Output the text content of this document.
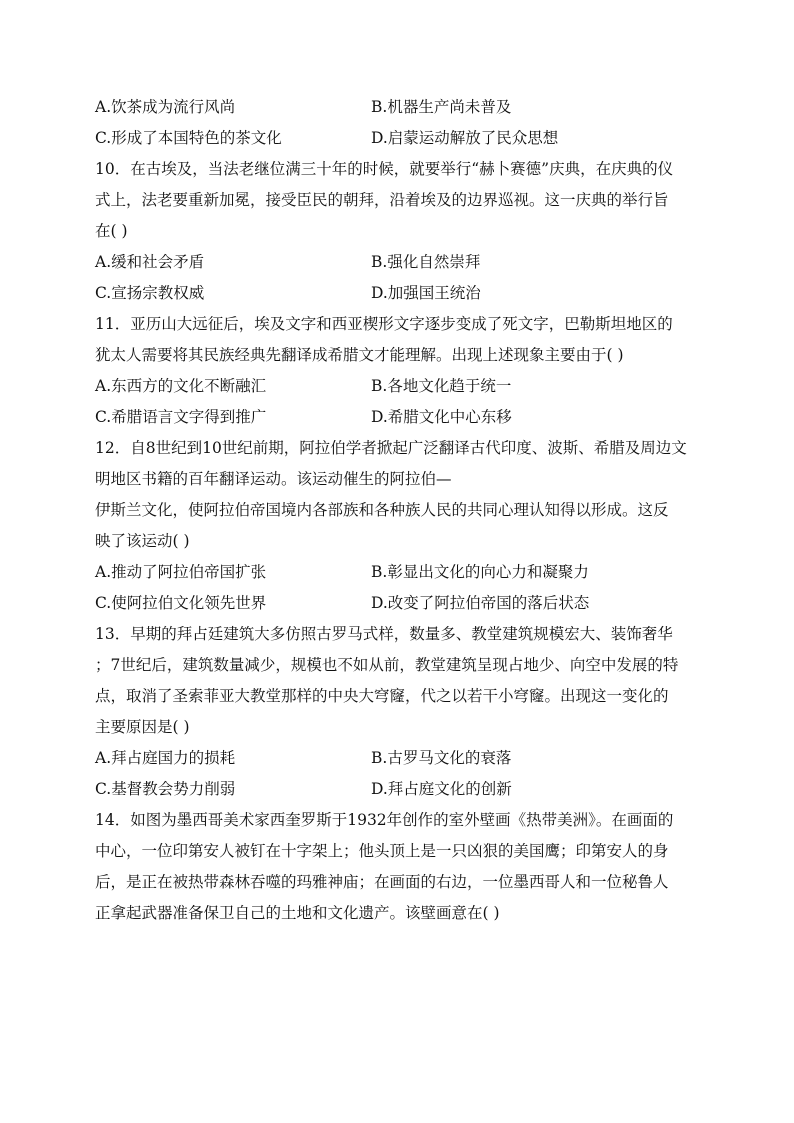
A.饮茶成为流行风尚	B.机器生产尚未普及
C.形成了本国特色的茶文化	D.启蒙运动解放了民众思想
10．在古埃及，当法老继位满三十年的时候，就要举行“赫卜赛德”庆典，在庆典的仪
式上，法老要重新加冕，接受臣民的朝拜，沿着埃及的边界巡视。这一庆典的举行旨
在( )
A.缓和社会矛盾	B.强化自然崇拜
C.宣扬宗教权威	D.加强国王统治
11．亚历山大远征后，埃及文字和西亚楔形文字逐步变成了死文字，巴勒斯坦地区的
犹太人需要将其民族经典先翻译成希腊文才能理解。出现上述现象主要由于( )
A.东西方的文化不断融汇	B.各地文化趋于统一
C.希腊语言文字得到推广	D.希腊文化中心东移
12．自8世纪到10世纪前期，阿拉伯学者掀起广泛翻译古代印度、波斯、希腊及周边文
明地区书籍的百年翻译运动。该运动催生的阿拉伯—
伊斯兰文化，使阿拉伯帝国境内各部族和各种族人民的共同心理认知得以形成。这反
映了该运动( )
A.推动了阿拉伯帝国扩张	B.彰显出文化的向心力和凝聚力
C.使阿拉伯文化领先世界	D.改变了阿拉伯帝国的落后状态
13．早期的拜占廷建筑大多仿照古罗马式样，数量多、教堂建筑规模宏大、装饰奢华
；7世纪后，建筑数量减少，规模也不如从前，教堂建筑呈现占地少、向空中发展的特
点，取消了圣索菲亚大教堂那样的中央大穹窿，代之以若干小穹窿。出现这一变化的
主要原因是( )
A.拜占庭国力的损耗	B.古罗马文化的衰落
C.基督教会势力削弱	D.拜占庭文化的创新
14．如图为墨西哥美术家西奎罗斯于1932年创作的室外壁画《热带美洲》。在画面的
中心，一位印第安人被钉在十字架上；他头顶上是一只凶狠的美国鹰；印第安人的身
后，是正在被热带森林吞噬的玛雅神庙；在画面的右边，一位墨西哥人和一位秘鲁人
正拿起武器准备保卫自己的土地和文化遗产。该壁画意在( )
